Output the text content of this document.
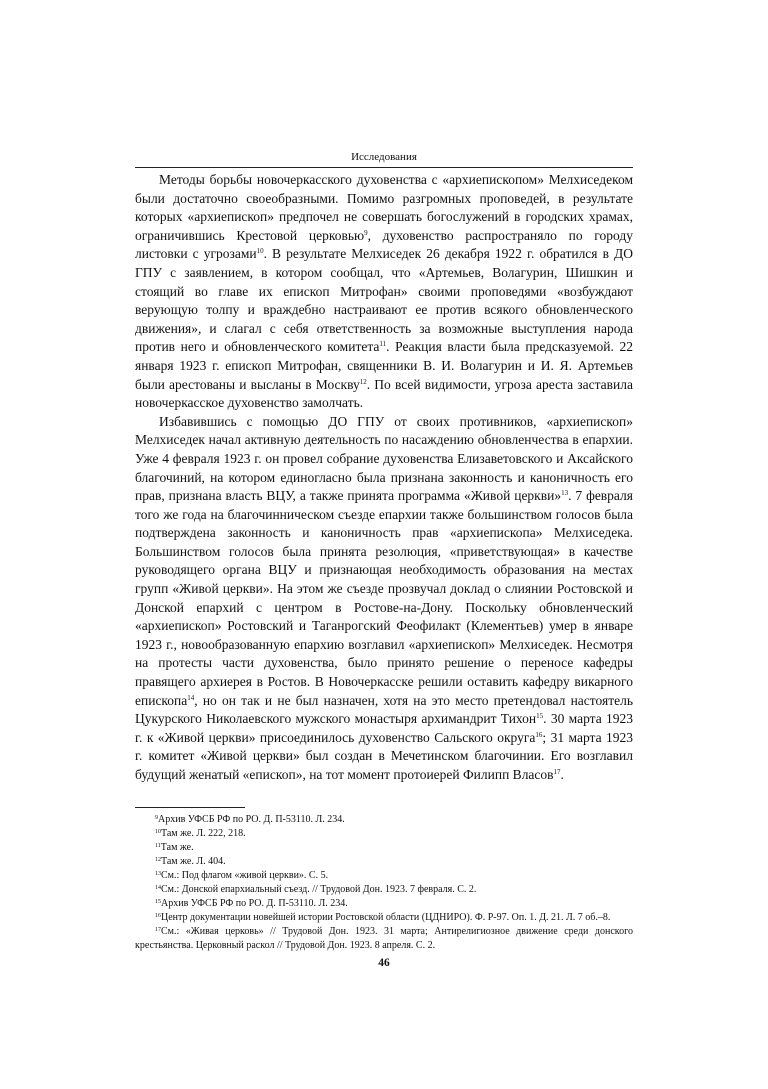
Исследования

Методы борьбы новочеркасского духовенства с «архиепископом» Мелхиседеком были достаточно своеобразными. Помимо разгромных проповедей, в результате которых «архиепископ» предпочел не совершать богослужений в городских храмах, ограничившись Крестовой церковью$^9$, духовенство распространяло по городу листовки с угрозами$^{10}$. В результате Мелхиседек 26 декабря 1922 г. обратился в ДО ГПУ с заявлением, в котором сообщал, что «Артемьев, Волагурин, Шишкин и стоящий во главе их епископ Митрофан» своими проповедями «возбуждают верующую толпу и враждебно настраивают ее против всякого обновленческого движения», и слагал с себя ответственность за возможные выступления народа против него и обновленческого комитета$^{11}$. Реакция власти была предсказуемой. 22 января 1923 г. епископ Митрофан, священники В. И. Волагурин и И. Я. Артемьев были арестованы и высланы в Москву$^{12}$. По всей видимости, угроза ареста заставила новочеркасское духовенство замолчать.

Избавившись с помощью ДО ГПУ от своих противников, «архиепископ» Мелхиседек начал активную деятельность по насаждению обновленчества в епархии. Уже 4 февраля 1923 г. он провел собрание духовенства Елизаветовского и Аксайского благочиний, на котором единогласно была признана законность и каноничность его прав, признана власть ВЦУ, а также принята программа «Живой церкви»$^{13}$. 7 февраля того же года на благочинническом съезде епархии также большинством голосов была подтверждена законность и каноничность прав «архиепископа» Мелхиседека. Большинством голосов была принята резолюция, «приветствующая» в качестве руководящего органа ВЦУ и признающая необходимость образования на местах групп «Живой церкви». На этом же съезде прозвучал доклад о слиянии Ростовской и Донской епархий с центром в Ростове-на-Дону. Поскольку обновленческий «архиепископ» Ростовский и Таганрогский Феофилакт (Клементьев) умер в январе 1923 г., новообразованную епархию возглавил «архиепископ» Мелхиседек. Несмотря на протесты части духовенства, было принято решение о переносе кафедры правящего архиерея в Ростов. В Новочеркасске решили оставить кафедру викарного епископа$^{14}$, но он так и не был назначен, хотя на это место претендовал настоятель Цукурского Николаевского мужского монастыря архимандрит Тихон$^{15}$. 30 марта 1923 г. к «Живой церкви» присоединилось духовенство Сальского округа$^{16}$; 31 марта 1923 г. комитет «Живой церкви» был создан в Мечетинском благочинии. Его возглавил будущий женатый «епископ», на тот момент протоиерей Филипп Власов$^{17}$.

$^9$Архив УФСБ РФ по РО. Д. П-53110. Л. 234.
$^{10}$Там же. Л. 222, 218.
$^{11}$Там же.
$^{12}$Там же. Л. 404.
$^{13}$См.: Под флагом «живой церкви». С. 5.
$^{14}$См.: Донской епархиальный съезд. // Трудовой Дон. 1923. 7 февраля. С. 2.
$^{15}$Архив УФСБ РФ по РО. Д. П-53110. Л. 234.
$^{16}$Центр документации новейшей истории Ростовской области (ЦДНИРО). Ф. Р-97. Оп. 1. Д. 21. Л. 7 об.–8.
$^{17}$См.: «Живая церковь» // Трудовой Дон. 1923. 31 марта; Антирелигиозное движение среди донского крестьянства. Церковный раскол // Трудовой Дон. 1923. 8 апреля. С. 2.
46
